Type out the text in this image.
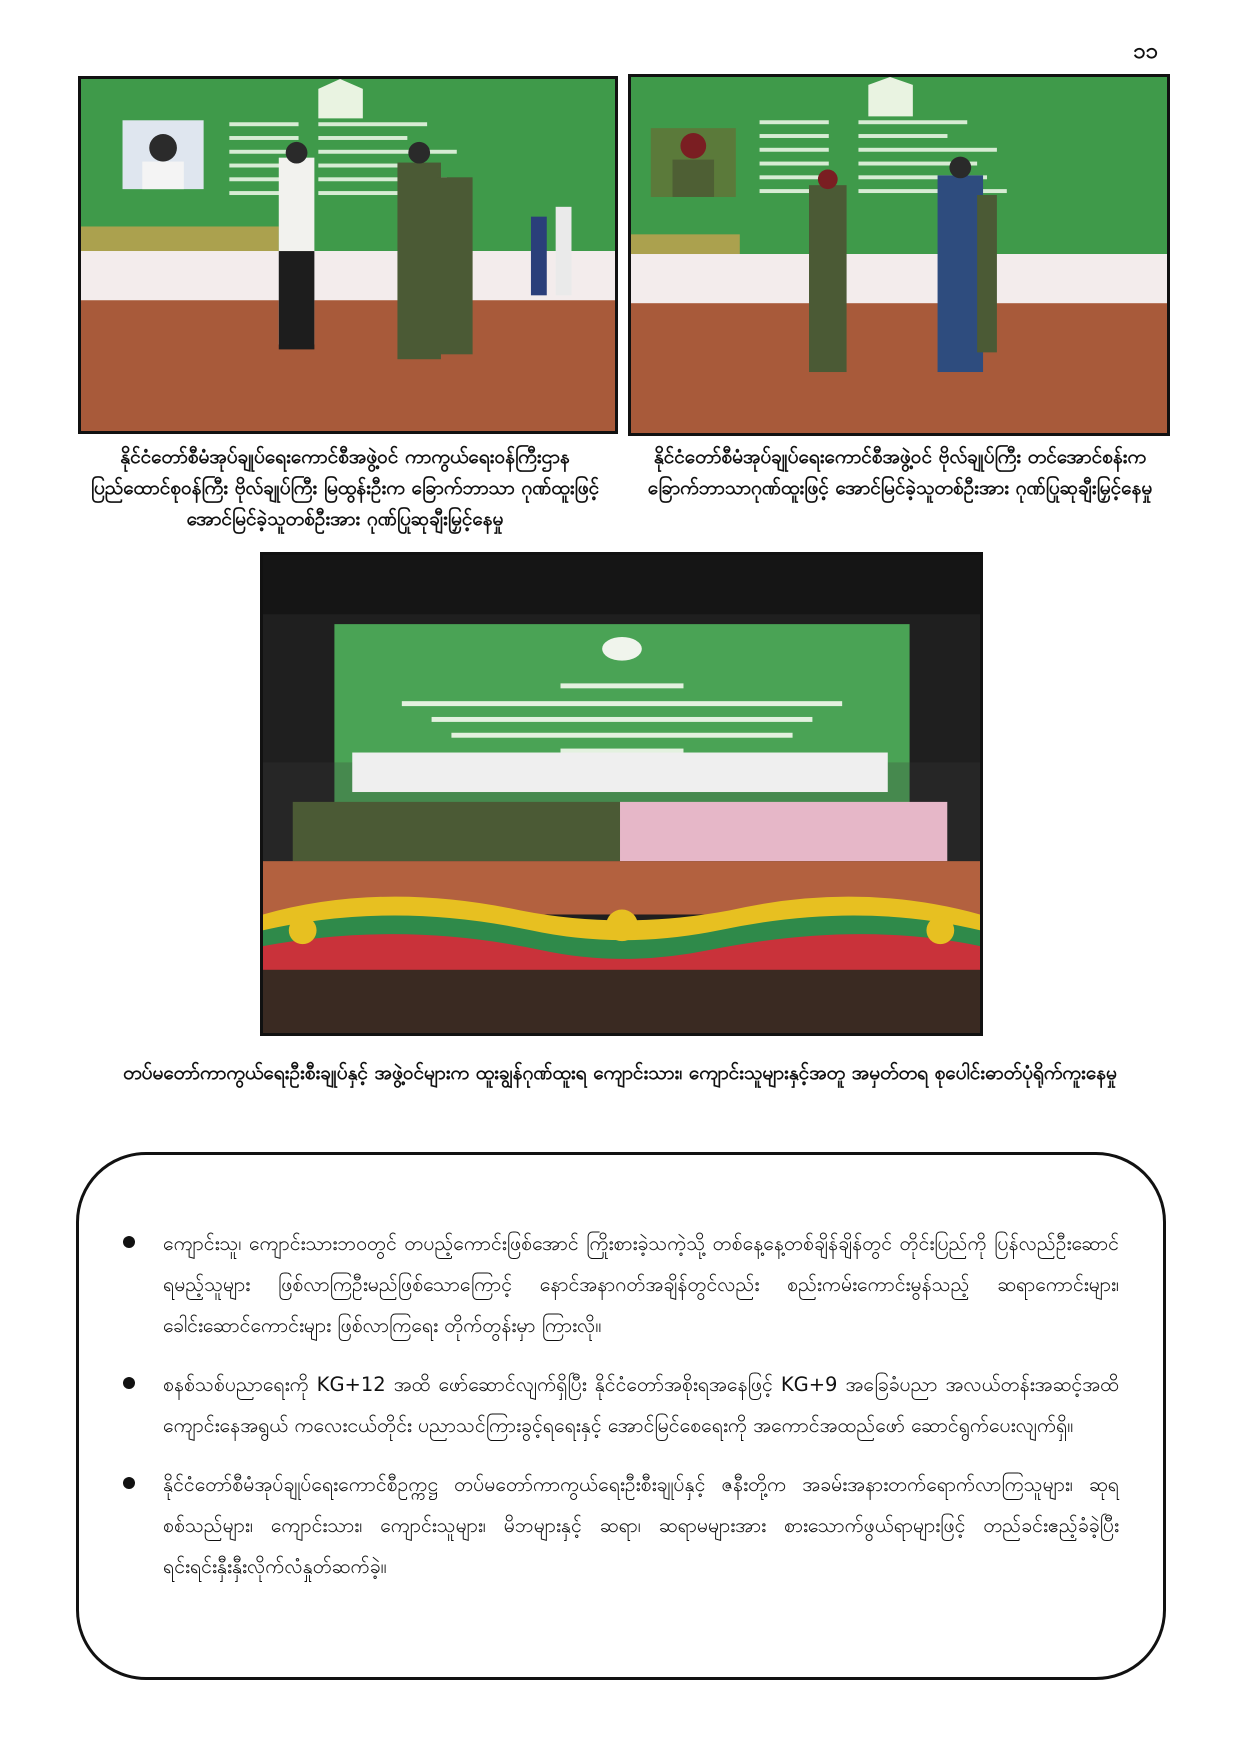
၁၁
နိုင်ငံတော်စီမံအုပ်ချုပ်ရေးကောင်စီအဖွဲ့ဝင် ကာကွယ်ရေးဝန်ကြီးဌာန ပြည်ထောင်စုဝန်ကြီး ဗိုလ်ချုပ်ကြီး မြထွန်းဦးက ခြောက်ဘာသာ ဂုဏ်ထူးဖြင့် အောင်မြင်ခဲ့သူတစ်ဦးအား ဂုဏ်ပြုဆုချီးမြှင့်နေမှု
နိုင်ငံတော်စီမံအုပ်ချုပ်ရေးကောင်စီအဖွဲ့ဝင် ဗိုလ်ချုပ်ကြီး တင်အောင်စန်းက ခြောက်ဘာသာဂုဏ်ထူးဖြင့် အောင်မြင်ခဲ့သူတစ်ဦးအား ဂုဏ်ပြုဆုချီးမြှင့်နေမှု
တပ်မတော်ကာကွယ်ရေးဦးစီးချုပ်နှင့် အဖွဲ့ဝင်များက ထူးချွန်ဂုဏ်ထူးရ ကျောင်းသား၊ ကျောင်းသူများနှင့်အတူ အမှတ်တရ စုပေါင်းဓာတ်ပုံရိုက်ကူးနေမှု
ကျောင်းသူ၊ ကျောင်းသားဘဝတွင် တပည့်ကောင်းဖြစ်အောင် ကြိုးစားခဲ့သကဲ့သို့ တစ်နေ့နေ့တစ်ချိန်ချိန်တွင် တိုင်းပြည်ကို ပြန်လည်ဦးဆောင်ရမည့်သူများ ဖြစ်လာကြဦးမည်ဖြစ်သောကြောင့် နောင်အနာဂတ်အချိန်တွင်လည်း စည်းကမ်းကောင်းမွန်သည့် ဆရာကောင်းများ၊ ခေါင်းဆောင်ကောင်းများ ဖြစ်လာကြရေး တိုက်တွန်းမှာ ကြားလို။
စနစ်သစ်ပညာရေးကို KG+12 အထိ ဖော်ဆောင်လျက်ရှိပြီး နိုင်ငံတော်အစိုးရအနေဖြင့် KG+9 အခြေခံပညာ အလယ်တန်းအဆင့်အထိ ကျောင်းနေအရွယ် ကလေးငယ်တိုင်း ပညာသင်ကြားခွင့်ရရေးနှင့် အောင်မြင်စေရေးကို အကောင်အထည်ဖော် ဆောင်ရွက်ပေးလျက်ရှိ။
နိုင်ငံတော်စီမံအုပ်ချုပ်ရေးကောင်စီဥက္ကဋ္ဌ တပ်မတော်ကာကွယ်ရေးဦးစီးချုပ်နှင့် ဇနီးတို့က အခမ်းအနားတက်ရောက်လာကြသူများ၊ ဆုရစစ်သည်များ၊ ကျောင်းသား၊ ကျောင်းသူများ၊ မိဘများနှင့် ဆရာ၊ ဆရာမများအား စားသောက်ဖွယ်ရာများဖြင့် တည်ခင်းဧည့်ခံခဲ့ပြီး ရင်းရင်းနှီးနှီးလိုက်လံနှုတ်ဆက်ခဲ့။
